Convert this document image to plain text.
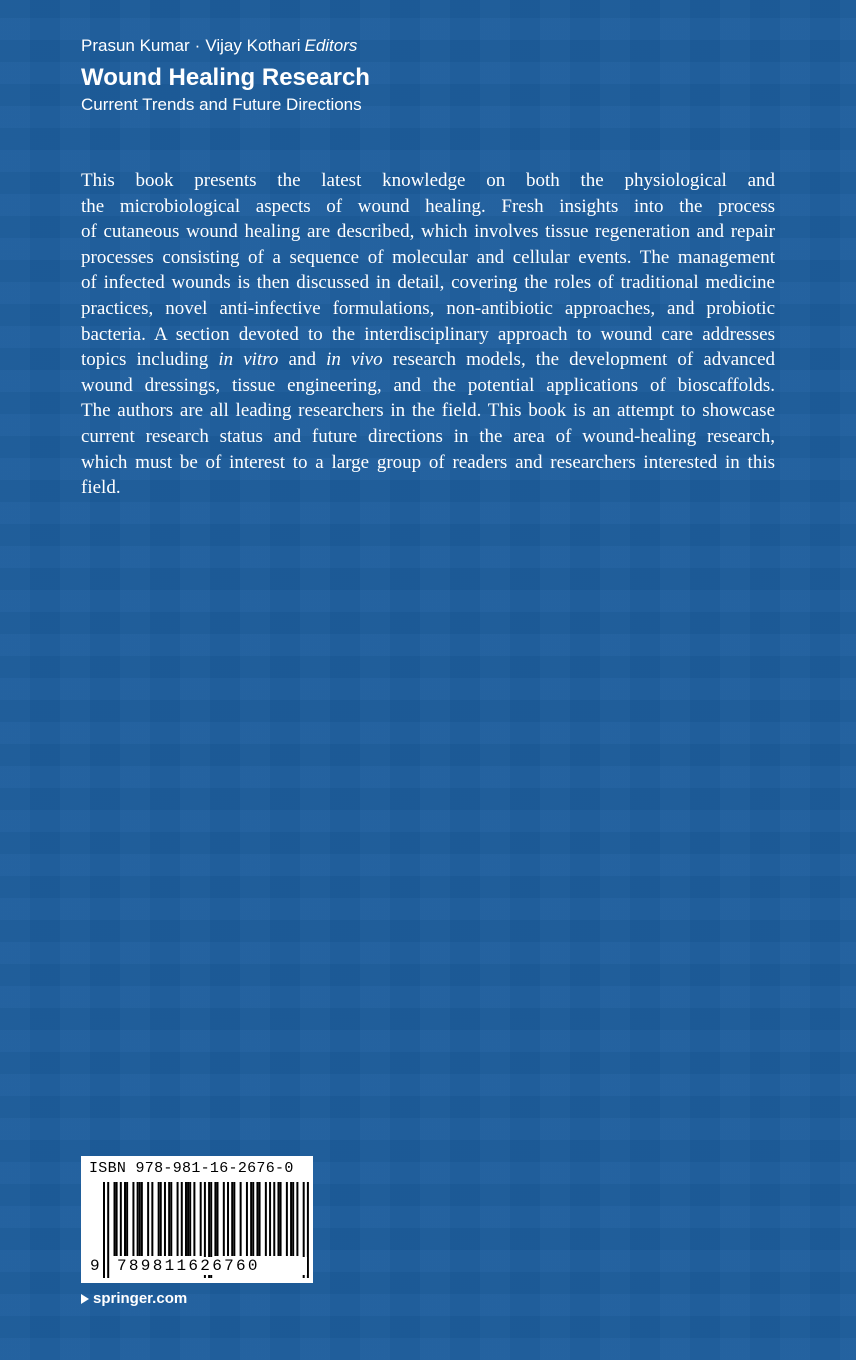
Prasun Kumar · Vijay Kothari Editors
Wound Healing Research
Current Trends and Future Directions
This book presents the latest knowledge on both the physiological and
the microbiological aspects of wound healing. Fresh insights into the process
of cutaneous wound healing are described, which involves tissue regeneration and repair
processes consisting of a sequence of molecular and cellular events. The management
of infected wounds is then discussed in detail, covering the roles of traditional medicine
practices, novel anti-infective formulations, non-antibiotic approaches, and probiotic
bacteria. A section devoted to the interdisciplinary approach to wound care addresses
topics including in vitro and in vivo research models, the development of advanced
wound dressings, tissue engineering, and the potential applications of bioscaffolds.
The authors are all leading researchers in the field. This book is an attempt to showcase
current research status and future directions in the area of wound-healing research,
which must be of interest to a large group of readers and researchers interested in this
field.
ISBN 978-981-16-2676-0
9 789811626760
springer.com
